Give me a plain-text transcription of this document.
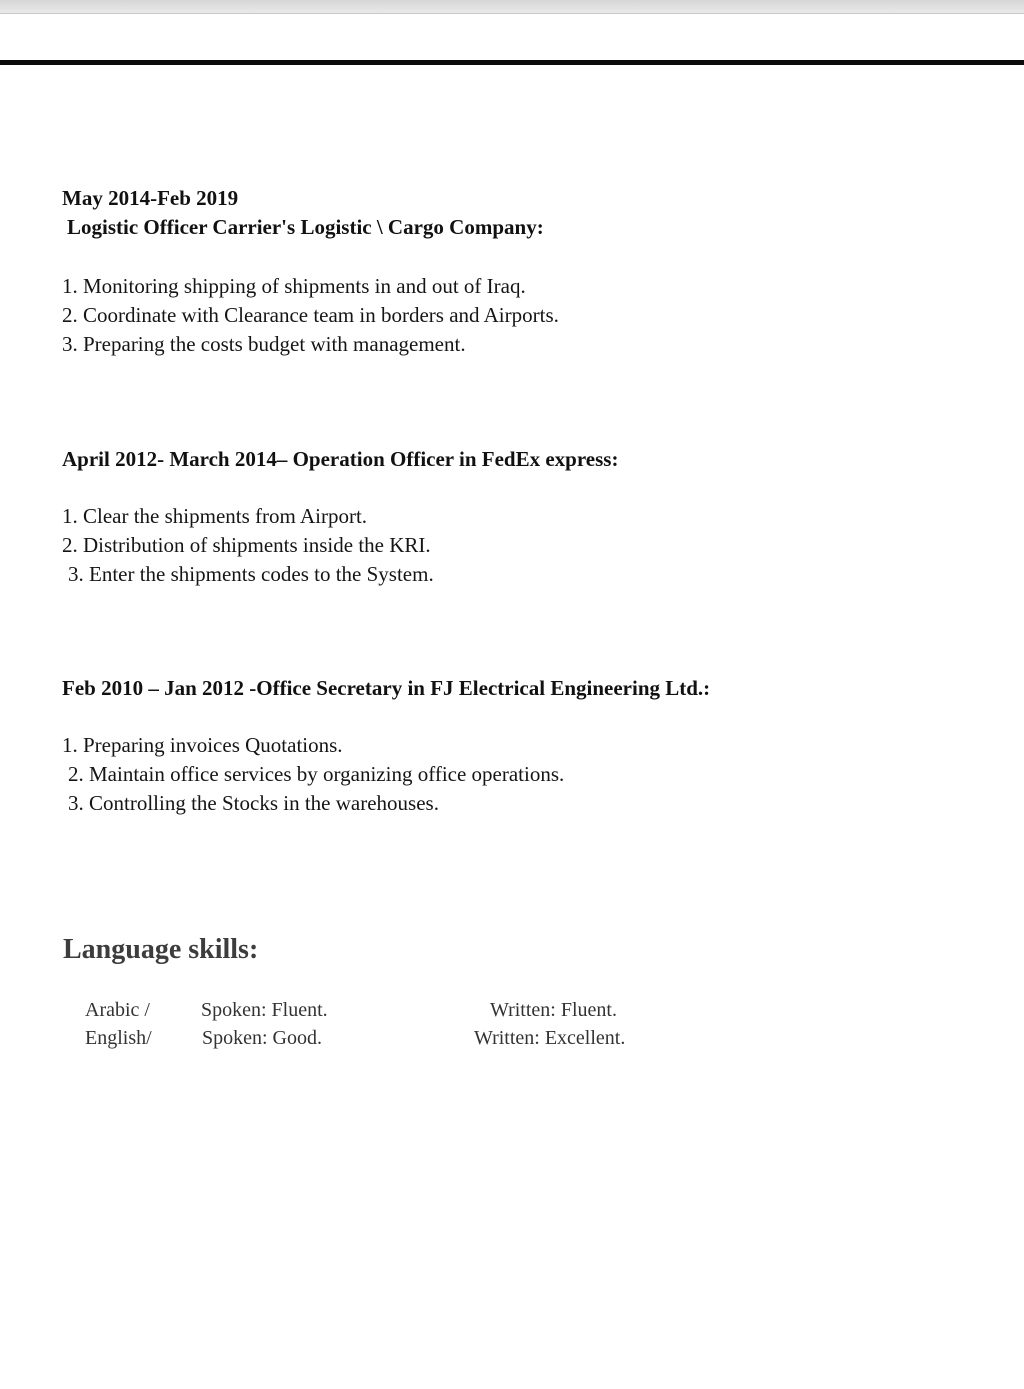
May 2014-Feb 2019
Logistic Officer Carrier's Logistic \ Cargo Company:
1. Monitoring shipping of shipments in and out of Iraq.
2. Coordinate with Clearance team in borders and Airports.
3. Preparing the costs budget with management.
April 2012- March 2014– Operation Officer in FedEx express:
1. Clear the shipments from Airport.
2. Distribution of shipments inside the KRI.
3. Enter the shipments codes to the System.
Feb 2010 – Jan 2012 -Office Secretary in FJ Electrical Engineering Ltd.:
1. Preparing invoices Quotations.
2. Maintain office services by organizing office operations.
3. Controlling the Stocks in the warehouses.
Language skills:
Arabic /	Spoken: Fluent.	Written: Fluent.
English/	Spoken: Good.	Written: Excellent.
